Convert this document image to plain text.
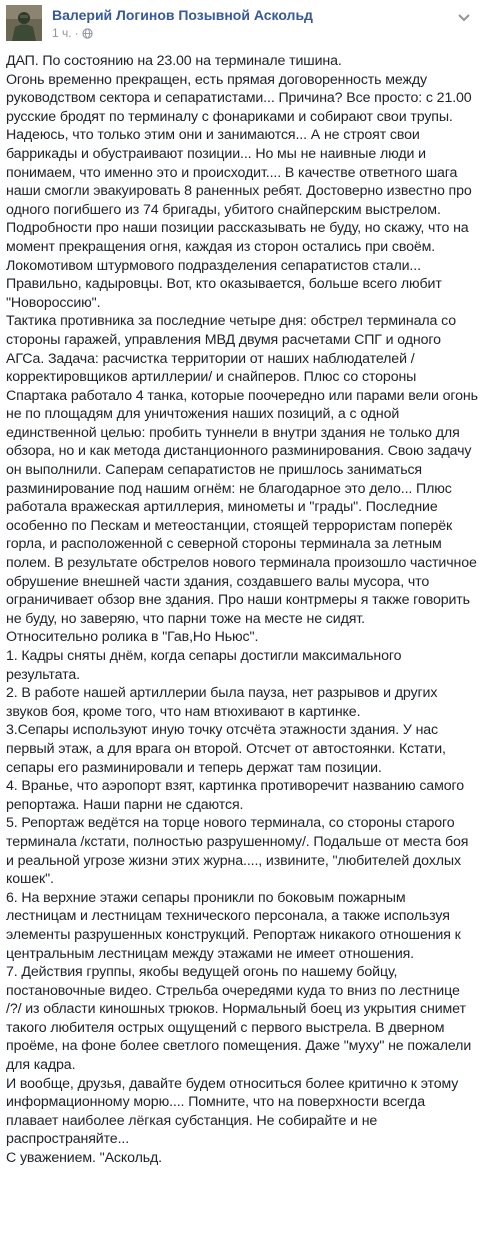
Валерий Логинов Позывной Аскольд
1 ч. ·

ДАП. По состоянию на 23.00 на терминале тишина.

Огонь временно прекращен, есть прямая договоренность между руководством сектора и сепаратистами... Причина? Все просто: с 21.00 русские бродят по терминалу с фонариками и собирают свои трупы. Надеюсь, что только этим они и занимаются... А не строят свои баррикады и обустраивают позиции... Но мы не наивные люди и понимаем, что именно это и происходит.... В качестве ответного шага наши смогли эвакуировать 8 раненных ребят. Достоверно известно про одного погибшего из 74 бригады, убитого снайперским выстрелом. Подробности про наши позиции рассказывать не буду, но скажу, что на момент прекращения огня, каждая из сторон остались при своём.

Локомотивом штурмового подразделения сепаратистов стали... Правильно, кадыровцы. Вот, кто оказывается, больше всего любит "Новороссию".

Тактика противника за последние четыре дня: обстрел терминала со стороны гаражей, управления МВД двумя расчетами СПГ и одного АГСа. Задача: расчистка территории от наших наблюдателей / корректировщиков артиллерии/ и снайперов. Плюс со стороны Спартака работало 4 танка, которые поочередно или парами вели огонь не по площадям для уничтожения наших позиций, а с одной единственной целью: пробить туннели в внутри здания не только для обзора, но и как метода дистанционного разминирования. Свою задачу он выполнили. Саперам сепаратистов не пришлось заниматься разминирование под нашим огнём: не благодарное это дело... Плюс работала вражеская артиллерия, минометы и "грады". Последние особенно по Пескам и метеостанции, стоящей террористам поперёк горла, и расположенной с северной стороны терминала за летным полем. В результате обстрелов нового терминала произошло частичное обрушение внешней части здания, создавшего валы мусора, что ограничивает обзор вне здания. Про наши контрмеры я также говорить не буду, но заверяю, что парни тоже на месте не сидят.

Относительно ролика в "Гав,Но Ньюс".

1. Кадры сняты днём, когда сепары достигли максимального результата.

2. В работе нашей артиллерии была пауза, нет разрывов и других звуков боя, кроме того, что нам втюхивают в картинке.

3.Сепары используют иную точку отсчёта этажности здания. У нас первый этаж, а для врага он второй. Отсчет от автостоянки. Кстати, сепары его разминировали и теперь держат там позиции.

4. Вранье, что аэропорт взят, картинка противоречит названию самого репортажа. Наши парни не сдаются.

5. Репортаж ведётся на торце нового терминала, со стороны старого терминала /кстати, полностью разрушенному/. Подальше от места боя и реальной угрозе жизни этих журна...., извините, "любителей дохлых кошек".

6. На верхние этажи сепары проникли по боковым пожарным лестницам и лестницам технического персонала, а также используя элементы разрушенных конструкций. Репортаж никакого отношения к центральным лестницам между этажами не имеет отношения.

7. Действия группы, якобы ведущей огонь по нашему бойцу, постановочные видео. Стрельба очередями куда то вниз по лестнице /?/ из области киношных трюков. Нормальный боец из укрытия снимет такого любителя острых ощущений с первого выстрела. В дверном проёме, на фоне более светлого помещения. Даже "муху" не пожалели для кадра.

И вообще, друзья, давайте будем относиться более критично к этому информационному морю.... Помните, что на поверхности всегда плавает наиболее лёгкая субстанция. Не собирайте и не распространяйте...

С уважением. "Аскольд.
